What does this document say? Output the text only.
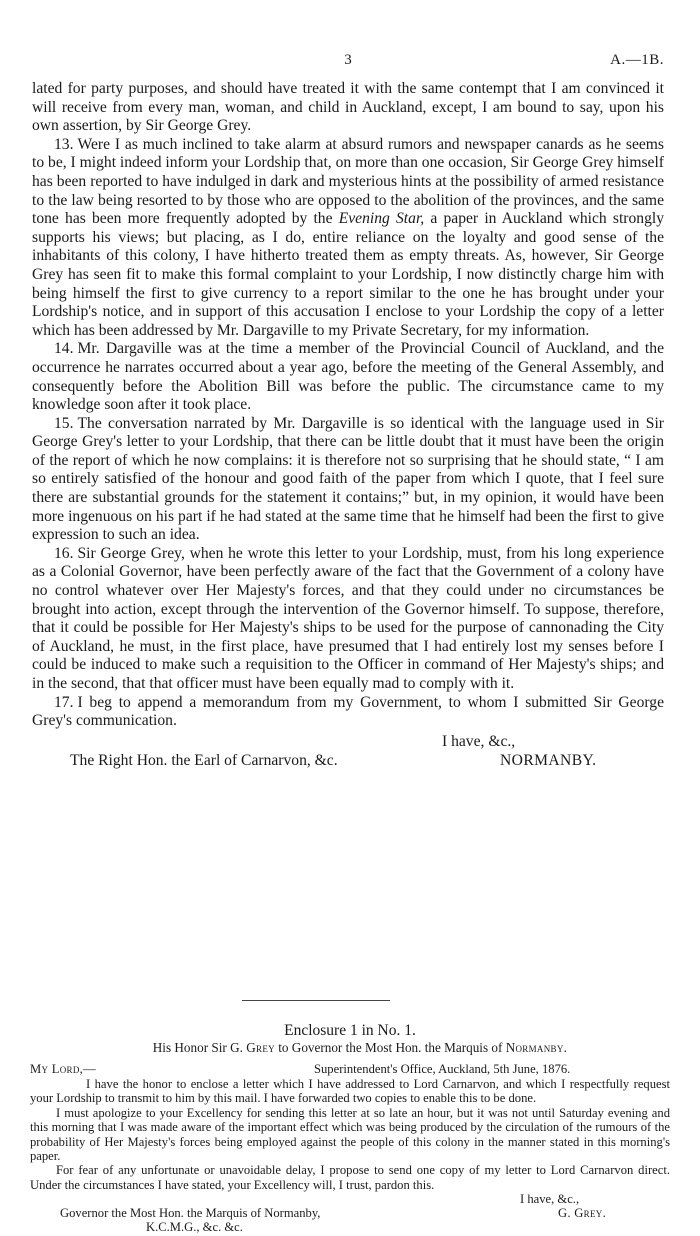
3	A.—1B.

lated for party purposes, and should have treated it with the same contempt that I am convinced it will receive from every man, woman, and child in Auckland, except, I am bound to say, upon his own assertion, by Sir George Grey.

13. Were I as much inclined to take alarm at absurd rumors and newspaper canards as he seems to be, I might indeed inform your Lordship that, on more than one occasion, Sir George Grey himself has been reported to have indulged in dark and mysterious hints at the possibility of armed resistance to the law being resorted to by those who are opposed to the abolition of the provinces, and the same tone has been more frequently adopted by the Evening Star, a paper in Auckland which strongly supports his views; but placing, as I do, entire reliance on the loyalty and good sense of the inhabitants of this colony, I have hitherto treated them as empty threats. As, however, Sir George Grey has seen fit to make this formal complaint to your Lordship, I now distinctly charge him with being himself the first to give currency to a report similar to the one he has brought under your Lordship's notice, and in support of this accusation I enclose to your Lordship the copy of a letter which has been addressed by Mr. Dargaville to my Private Secretary, for my information.

14. Mr. Dargaville was at the time a member of the Provincial Council of Auckland, and the occurrence he narrates occurred about a year ago, before the meeting of the General Assembly, and consequently before the Abolition Bill was before the public. The circumstance came to my knowledge soon after it took place.

15. The conversation narrated by Mr. Dargaville is so identical with the language used in Sir George Grey's letter to your Lordship, that there can be little doubt that it must have been the origin of the report of which he now complains: it is therefore not so surprising that he should state, “ I am so entirely satisfied of the honour and good faith of the paper from which I quote, that I feel sure there are substantial grounds for the statement it contains;” but, in my opinion, it would have been more ingenuous on his part if he had stated at the same time that he himself had been the first to give expression to such an idea.

16. Sir George Grey, when he wrote this letter to your Lordship, must, from his long experience as a Colonial Governor, have been perfectly aware of the fact that the Government of a colony have no control whatever over Her Majesty's forces, and that they could under no circumstances be brought into action, except through the intervention of the Governor himself. To suppose, therefore, that it could be possible for Her Majesty's ships to be used for the purpose of cannonading the City of Auckland, he must, in the first place, have presumed that I had entirely lost my senses before I could be induced to make such a requisition to the Officer in command of Her Majesty's ships; and in the second, that that officer must have been equally mad to comply with it.

17. I beg to append a memorandum from my Government, to whom I submitted Sir George Grey's communication.

I have, &c.,
The Right Hon. the Earl of Carnarvon, &c.	NORMANBY.
Enclosure 1 in No. 1.
His Honor Sir G. Grey to Governor the Most Hon. the Marquis of Normanby.
My Lord,—	Superintendent's Office, Auckland, 5th June, 1876.

I have the honor to enclose a letter which I have addressed to Lord Carnarvon, and which I respectfully request your Lordship to transmit to him by this mail. I have forwarded two copies to enable this to be done.

I must apologize to your Excellency for sending this letter at so late an hour, but it was not until Saturday evening and this morning that I was made aware of the important effect which was being produced by the circulation of the rumours of the probability of Her Majesty's forces being employed against the people of this colony in the manner stated in this morning's paper.

For fear of any unfortunate or unavoidable delay, I propose to send one copy of my letter to Lord Carnarvon direct. Under the circumstances I have stated, your Excellency will, I trust, pardon this.

I have, &c.,
Governor the Most Hon. the Marquis of Normanby,
K.C.M.G., &c. &c.
G. Grey.
